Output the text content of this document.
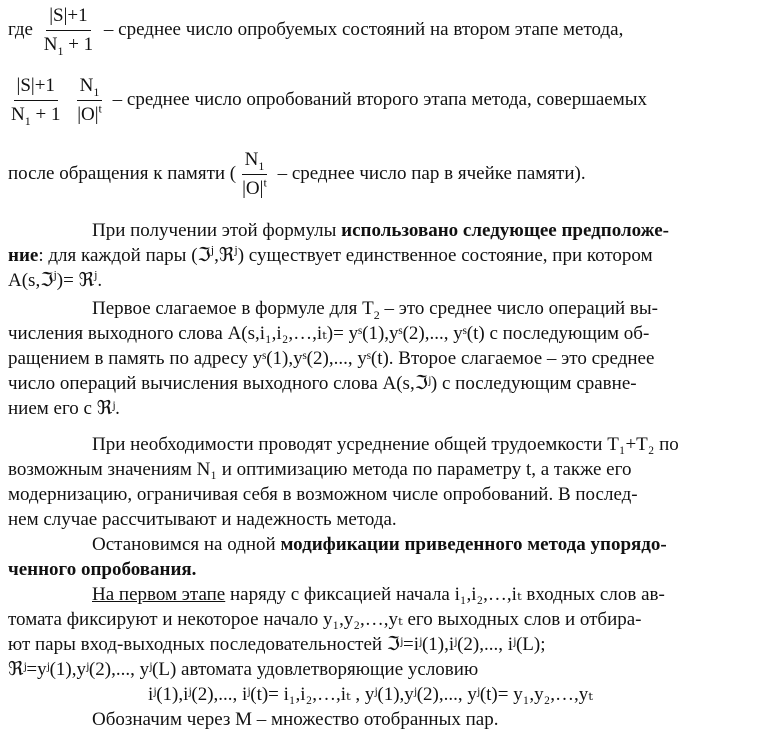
где $\frac{|S|+1}{N_1 + 1}$ – среднее число опробуемых состояний на втором этапе метода,
$\frac{|S|+1}{N_1 + 1}$
$\frac{N_1}{|O|^t}$ – среднее число опробований второго этапа метода, совершаемых
после обращения к памяти ( $\frac{N_1}{|O|^t}$ – среднее число пар в ячейке памяти).
При получении этой формулы использовано следующее предположе-
ние: для каждой пары (ℑ$^j$,ℜ$^j$) существует единственное состояние, при котором
A(s,ℑ$^j$)= ℜ$^j$.
Первое слагаемое в формуле для $T_2$ – это среднее число операций вы-
числения выходного слова A(s,i₁,i₂,…,iₜ)= yˢ(1),yˢ(2),..., yˢ(t) с последующим об-
ращением в память по адресу yˢ(1),yˢ(2),..., yˢ(t). Второе слагаемое – это среднее
число операций вычисления выходного слова A(s,ℑʲ) с последующим сравне-
нием его с ℜʲ.
При необходимости проводят усреднение общей трудоемкости T₁+T₂ по
возможным значениям N₁ и оптимизацию метода по параметру t, а также его
модернизацию, ограничивая себя в возможном числе опробований. В послед-
нем случае рассчитывают и надежность метода.
Остановимся на одной модификации приведенного метода упорядо-
ченного опробования.
На первом этапе наряду с фиксацией начала i₁,i₂,…,iₜ входных слов ав-
томата фиксируют и некоторое начало y₁,y₂,…,yₜ его выходных слов и отбира-
ют пары вход-выходных последовательностей ℑʲ=iʲ(1),iʲ(2),..., iʲ(L);
ℜʲ=yʲ(1),yʲ(2),..., yʲ(L) автомата удовлетворяющие условию
iʲ(1),iʲ(2),..., iʲ(t)= i₁,i₂,…,iₜ , yʲ(1),yʲ(2),..., yʲ(t)= y₁,y₂,…,yₜ
Обозначим через М – множество отобранных пар.
